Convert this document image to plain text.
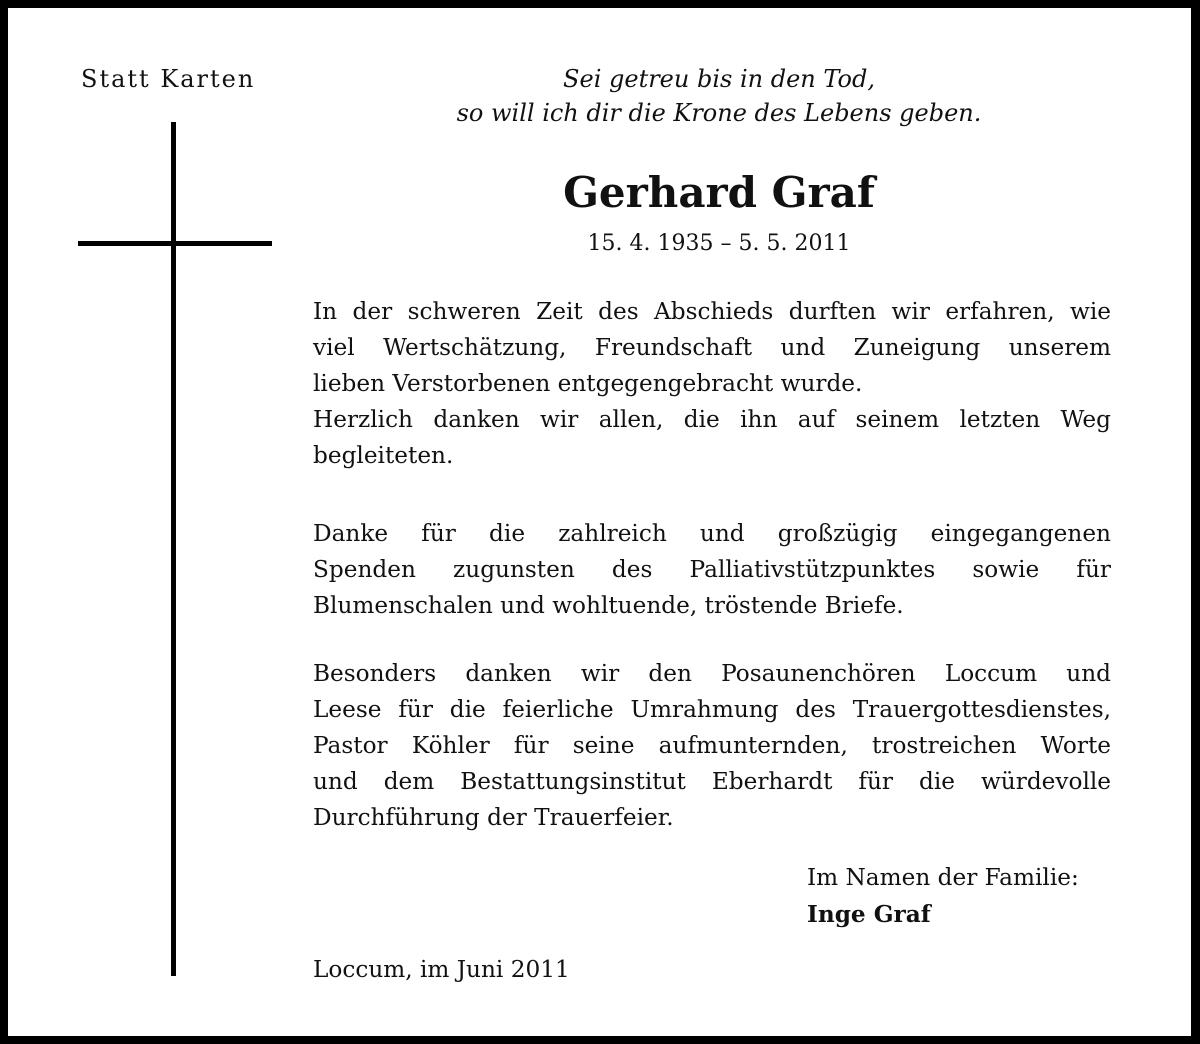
Statt Karten	Sei getreu bis in den Tod,
so will ich dir die Krone des Lebens geben.
Gerhard Graf
15. 4. 1935 – 5. 5. 2011
In der schweren Zeit des Abschieds durften wir erfahren, wie
viel Wertschätzung, Freundschaft und Zuneigung unserem
lieben Verstorbenen entgegengebracht wurde.
Herzlich danken wir allen, die ihn auf seinem letzten Weg
begleiteten.
Danke für die zahlreich und großzügig eingegangenen
Spenden zugunsten des Palliativstützpunktes sowie für
Blumenschalen und wohltuende, tröstende Briefe.
Besonders danken wir den Posaunenchören Loccum und
Leese für die feierliche Umrahmung des Trauergottesdienstes,
Pastor Köhler für seine aufmunternden, trostreichen Worte
und dem Bestattungsinstitut Eberhardt für die würdevolle
Durchführung der Trauerfeier.
Im Namen der Familie:
Inge Graf
Loccum, im Juni 2011
